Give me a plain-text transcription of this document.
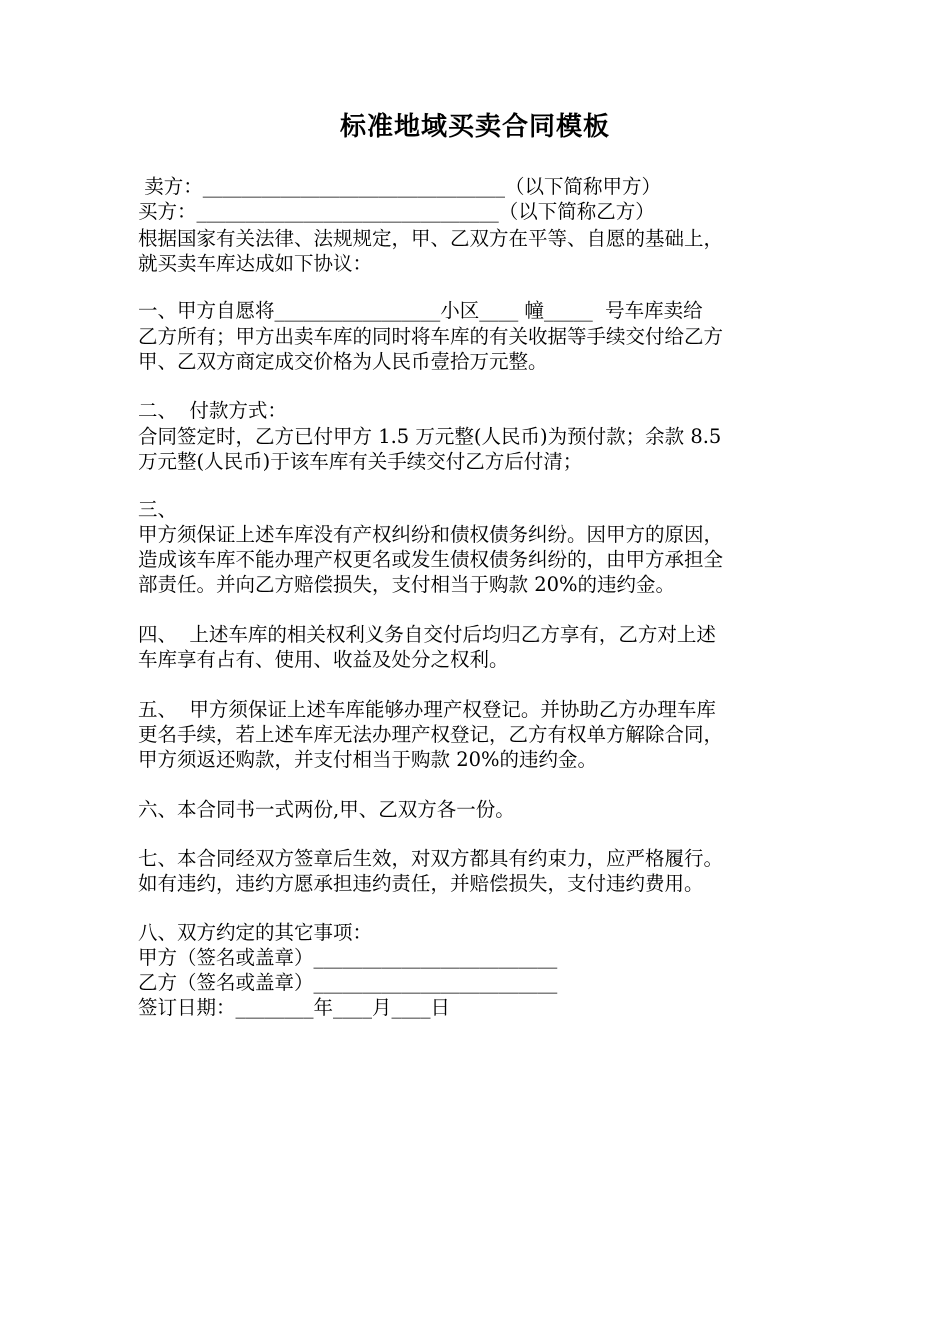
标准地域买卖合同模板
卖方：_______________________________（以下简称甲方）
买方：_______________________________（以下简称乙方）
根据国家有关法律、法规规定，甲、乙双方在平等、自愿的基础上，
就买卖车库达成如下协议：
一、甲方自愿将_________________小区____ 幢_____  号车库卖给
乙方所有；甲方出卖车库的同时将车库的有关收据等手续交付给乙方
甲、乙双方商定成交价格为人民币壹拾万元整。
二、  付款方式：
合同签定时，乙方已付甲方 1.5 万元整(人民币)为预付款；余款 8.5
万元整(人民币)于该车库有关手续交付乙方后付清；
三、
甲方须保证上述车库没有产权纠纷和债权债务纠纷。因甲方的原因，
造成该车库不能办理产权更名或发生债权债务纠纷的，由甲方承担全
部责任。并向乙方赔偿损失，支付相当于购款 20%的违约金。
四、  上述车库的相关权利义务自交付后均归乙方享有，乙方对上述
车库享有占有、使用、收益及处分之权利。
五、  甲方须保证上述车库能够办理产权登记。并协助乙方办理车库
更名手续，若上述车库无法办理产权登记，乙方有权单方解除合同，
甲方须返还购款，并支付相当于购款 20%的违约金。
六、本合同书一式两份,甲、乙双方各一份。
七、本合同经双方签章后生效，对双方都具有约束力，应严格履行。
如有违约，违约方愿承担违约责任，并赔偿损失，支付违约费用。
八、双方约定的其它事项：
甲方（签名或盖章）_________________________
乙方（签名或盖章）_________________________
签订日期：________年____月____日
